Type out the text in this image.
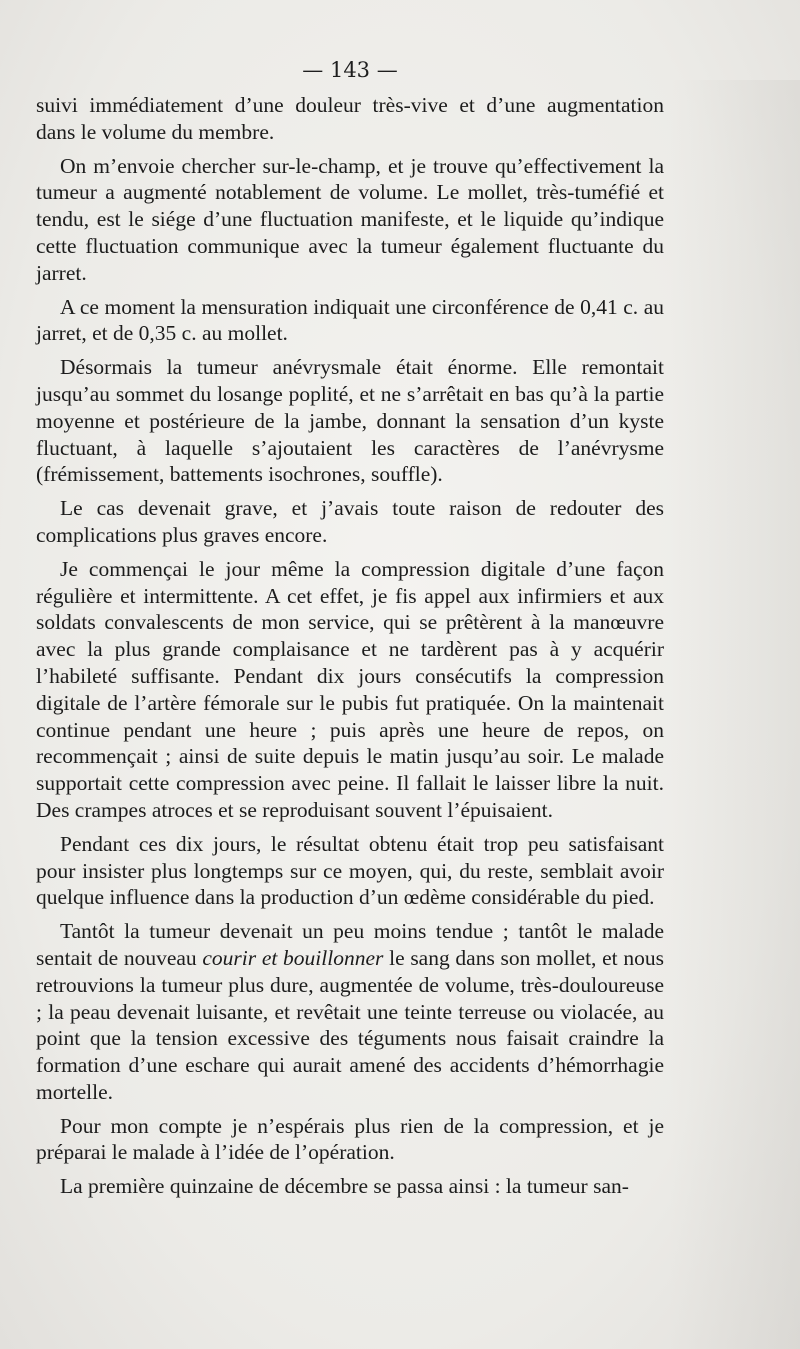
— 143 —

suivi immédiatement d’une douleur très-vive et d’une augmentation dans le volume du membre.

On m’envoie chercher sur-le-champ, et je trouve qu’effectivement la tumeur a augmenté notablement de volume. Le mollet, très-tuméfié et tendu, est le siége d’une fluctuation manifeste, et le liquide qu’indique cette fluctuation communique avec la tumeur également fluctuante du jarret.

A ce moment la mensuration indiquait une circonférence de 0,41 c. au jarret, et de 0,35 c. au mollet.

Désormais la tumeur anévrysmale était énorme. Elle remontait jusqu’au sommet du losange poplité, et ne s’arrêtait en bas qu’à la partie moyenne et postérieure de la jambe, donnant la sensation d’un kyste fluctuant, à laquelle s’ajoutaient les caractères de l’anévrysme (frémissement, battements isochrones, souffle).

Le cas devenait grave, et j’avais toute raison de redouter des complications plus graves encore.

Je commençai le jour même la compression digitale d’une façon régulière et intermittente. A cet effet, je fis appel aux infirmiers et aux soldats convalescents de mon service, qui se prêtèrent à la manœuvre avec la plus grande complaisance et ne tardèrent pas à y acquérir l’habileté suffisante. Pendant dix jours consécutifs la compression digitale de l’artère fémorale sur le pubis fut pratiquée. On la maintenait continue pendant une heure ; puis après une heure de repos, on recommençait ; ainsi de suite depuis le matin jusqu’au soir. Le malade supportait cette compression avec peine. Il fallait le laisser libre la nuit. Des crampes atroces et se reproduisant souvent l’épuisaient.

Pendant ces dix jours, le résultat obtenu était trop peu satisfaisant pour insister plus longtemps sur ce moyen, qui, du reste, semblait avoir quelque influence dans la production d’un œdème considérable du pied.

Tantôt la tumeur devenait un peu moins tendue ; tantôt le malade sentait de nouveau courir et bouillonner le sang dans son mollet, et nous retrouvions la tumeur plus dure, augmentée de volume, très-douloureuse ; la peau devenait luisante, et revêtait une teinte terreuse ou violacée, au point que la tension excessive des téguments nous faisait craindre la formation d’une eschare qui aurait amené des accidents d’hémorrhagie mortelle.

Pour mon compte je n’espérais plus rien de la compression, et je préparai le malade à l’idée de l’opération.

La première quinzaine de décembre se passa ainsi : la tumeur san-
